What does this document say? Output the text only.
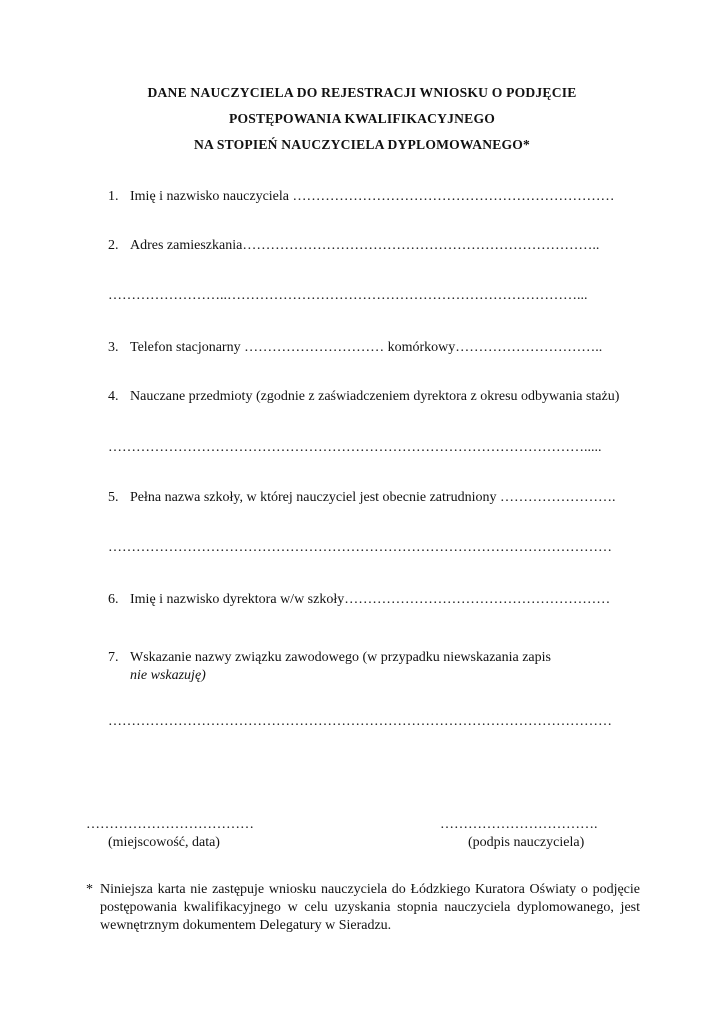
DANE NAUCZYCIELA DO REJESTRACJI WNIOSKU O PODJĘCIE
POSTĘPOWANIA KWALIFIKACYJNEGO
NA STOPIEŃ NAUCZYCIELA DYPLOMOWANEGO*
1. Imię i nazwisko nauczyciela ……………………………………………………………
2. Adres zamieszkania…………………………………………………………………..
……………………..…………………………………………………………………...
3. Telefon stacjonarny ………………………… komórkowy…………………………..
4. Nauczane przedmioty (zgodnie z zaświadczeniem dyrektora z okresu odbywania stażu)
………………………………………………………………………………………….....
5. Pełna nazwa szkoły, w której nauczyciel jest obecnie zatrudniony …………………….
………………………………………………………………………………………………
6. Imię i nazwisko dyrektora w/w szkoły…………………………………………………
7. Wskazanie nazwy związku zawodowego (w przypadku niewskazania zapis
nie wskazuję)
………………………………………………………………………………………………
………………………………
(miejscowość, data)
…………………………….
(podpis nauczyciela)
* Niniejsza karta nie zastępuje wniosku nauczyciela do Łódzkiego Kuratora Oświaty o podjęcie postępowania kwalifikacyjnego w celu uzyskania stopnia nauczyciela dyplomowanego, jest wewnętrznym dokumentem Delegatury w Sieradzu.
